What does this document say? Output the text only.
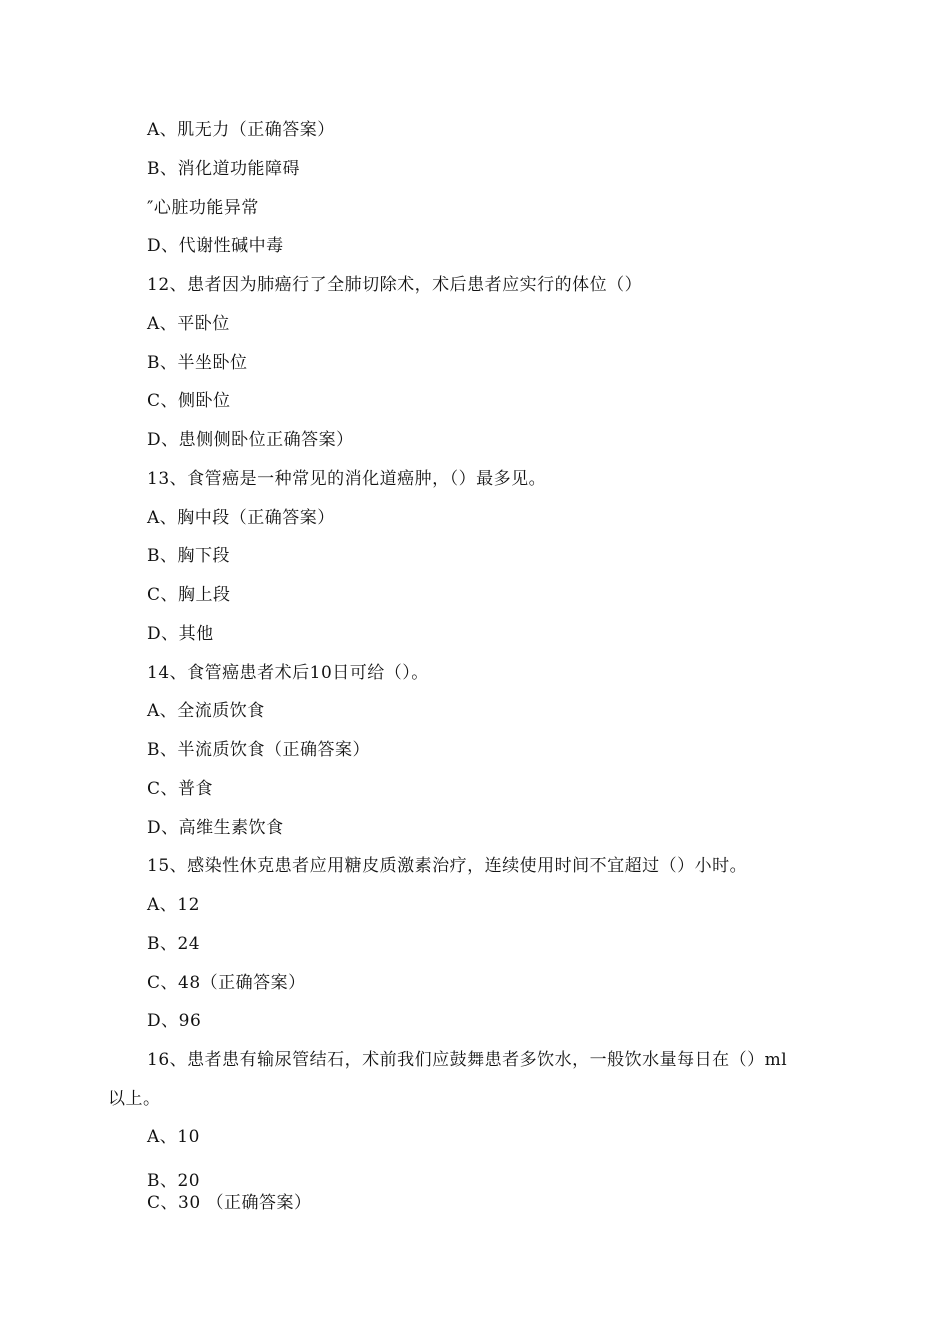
A、肌无力（正确答案）
B、消化道功能障碍
″心脏功能异常
D、代谢性碱中毒
12、患者因为肺癌行了全肺切除术，术后患者应实行的体位（）
A、平卧位
B、半坐卧位
C、侧卧位
D、患侧侧卧位正确答案）
13、食管癌是一种常见的消化道癌肿，（）最多见。
A、胸中段（正确答案）
B、胸下段
C、胸上段
D、其他
14、食管癌患者术后10日可给（）。
A、全流质饮食
B、半流质饮食（正确答案）
C、普食
D、高维生素饮食
15、感染性休克患者应用糖皮质激素治疗，连续使用时间不宜超过（）小时。
A、12
B、24
C、48（正确答案）
D、96
16、患者患有输尿管结石，术前我们应鼓舞患者多饮水，一般饮水量每日在（）ml
以上。
A、10
B、20
C、30 （正确答案）
